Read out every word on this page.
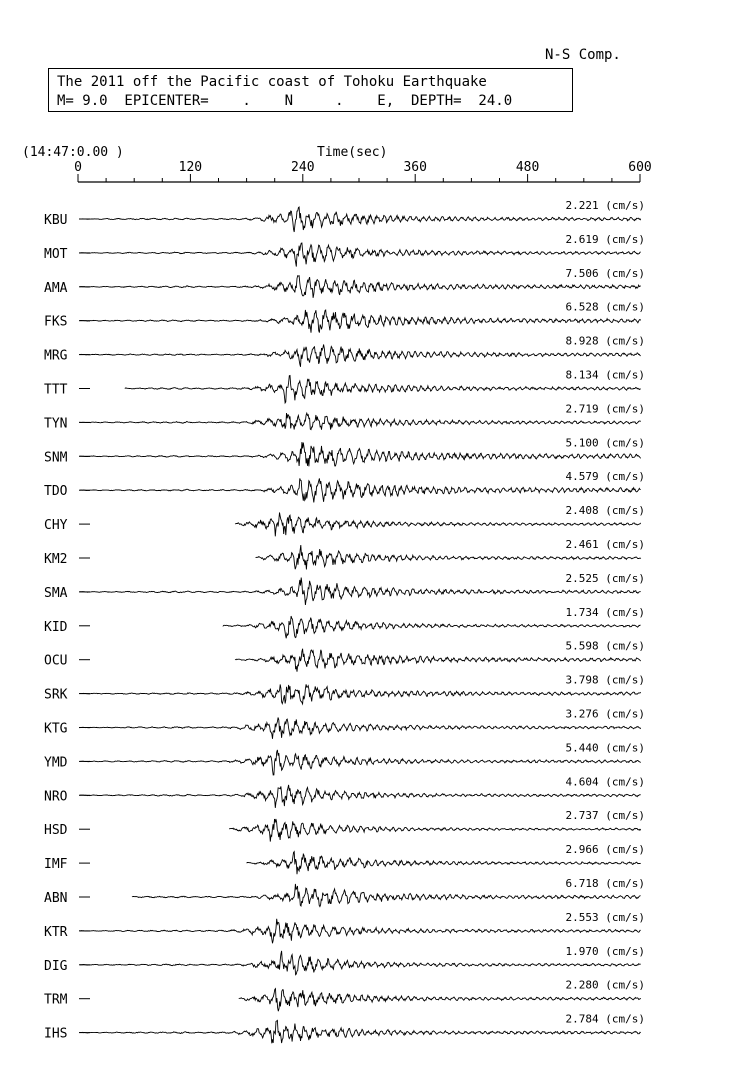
N-S Comp.
The 2011 off the Pacific coast of Tohoku Earthquake
M= 9.0  EPICENTER=    .    N     .    E,  DEPTH=  24.0
(14:47:0.00 )	Time(sec)
0	120	240	360	480	600
KBU
2.221 (cm/s)
MOT
2.619 (cm/s)
AMA
7.506 (cm/s)
FKS
6.528 (cm/s)
MRG
8.928 (cm/s)
TTT
8.134 (cm/s)
TYN
2.719 (cm/s)
SNM
5.100 (cm/s)
TDO
4.579 (cm/s)
CHY
2.408 (cm/s)
KM2
2.461 (cm/s)
SMA
2.525 (cm/s)
KID
1.734 (cm/s)
OCU
5.598 (cm/s)
SRK
3.798 (cm/s)
KTG
3.276 (cm/s)
YMD
5.440 (cm/s)
NRO
4.604 (cm/s)
HSD
2.737 (cm/s)
IMF
2.966 (cm/s)
ABN
6.718 (cm/s)
KTR
2.553 (cm/s)
DIG
1.970 (cm/s)
TRM
2.280 (cm/s)
IHS
2.784 (cm/s)
